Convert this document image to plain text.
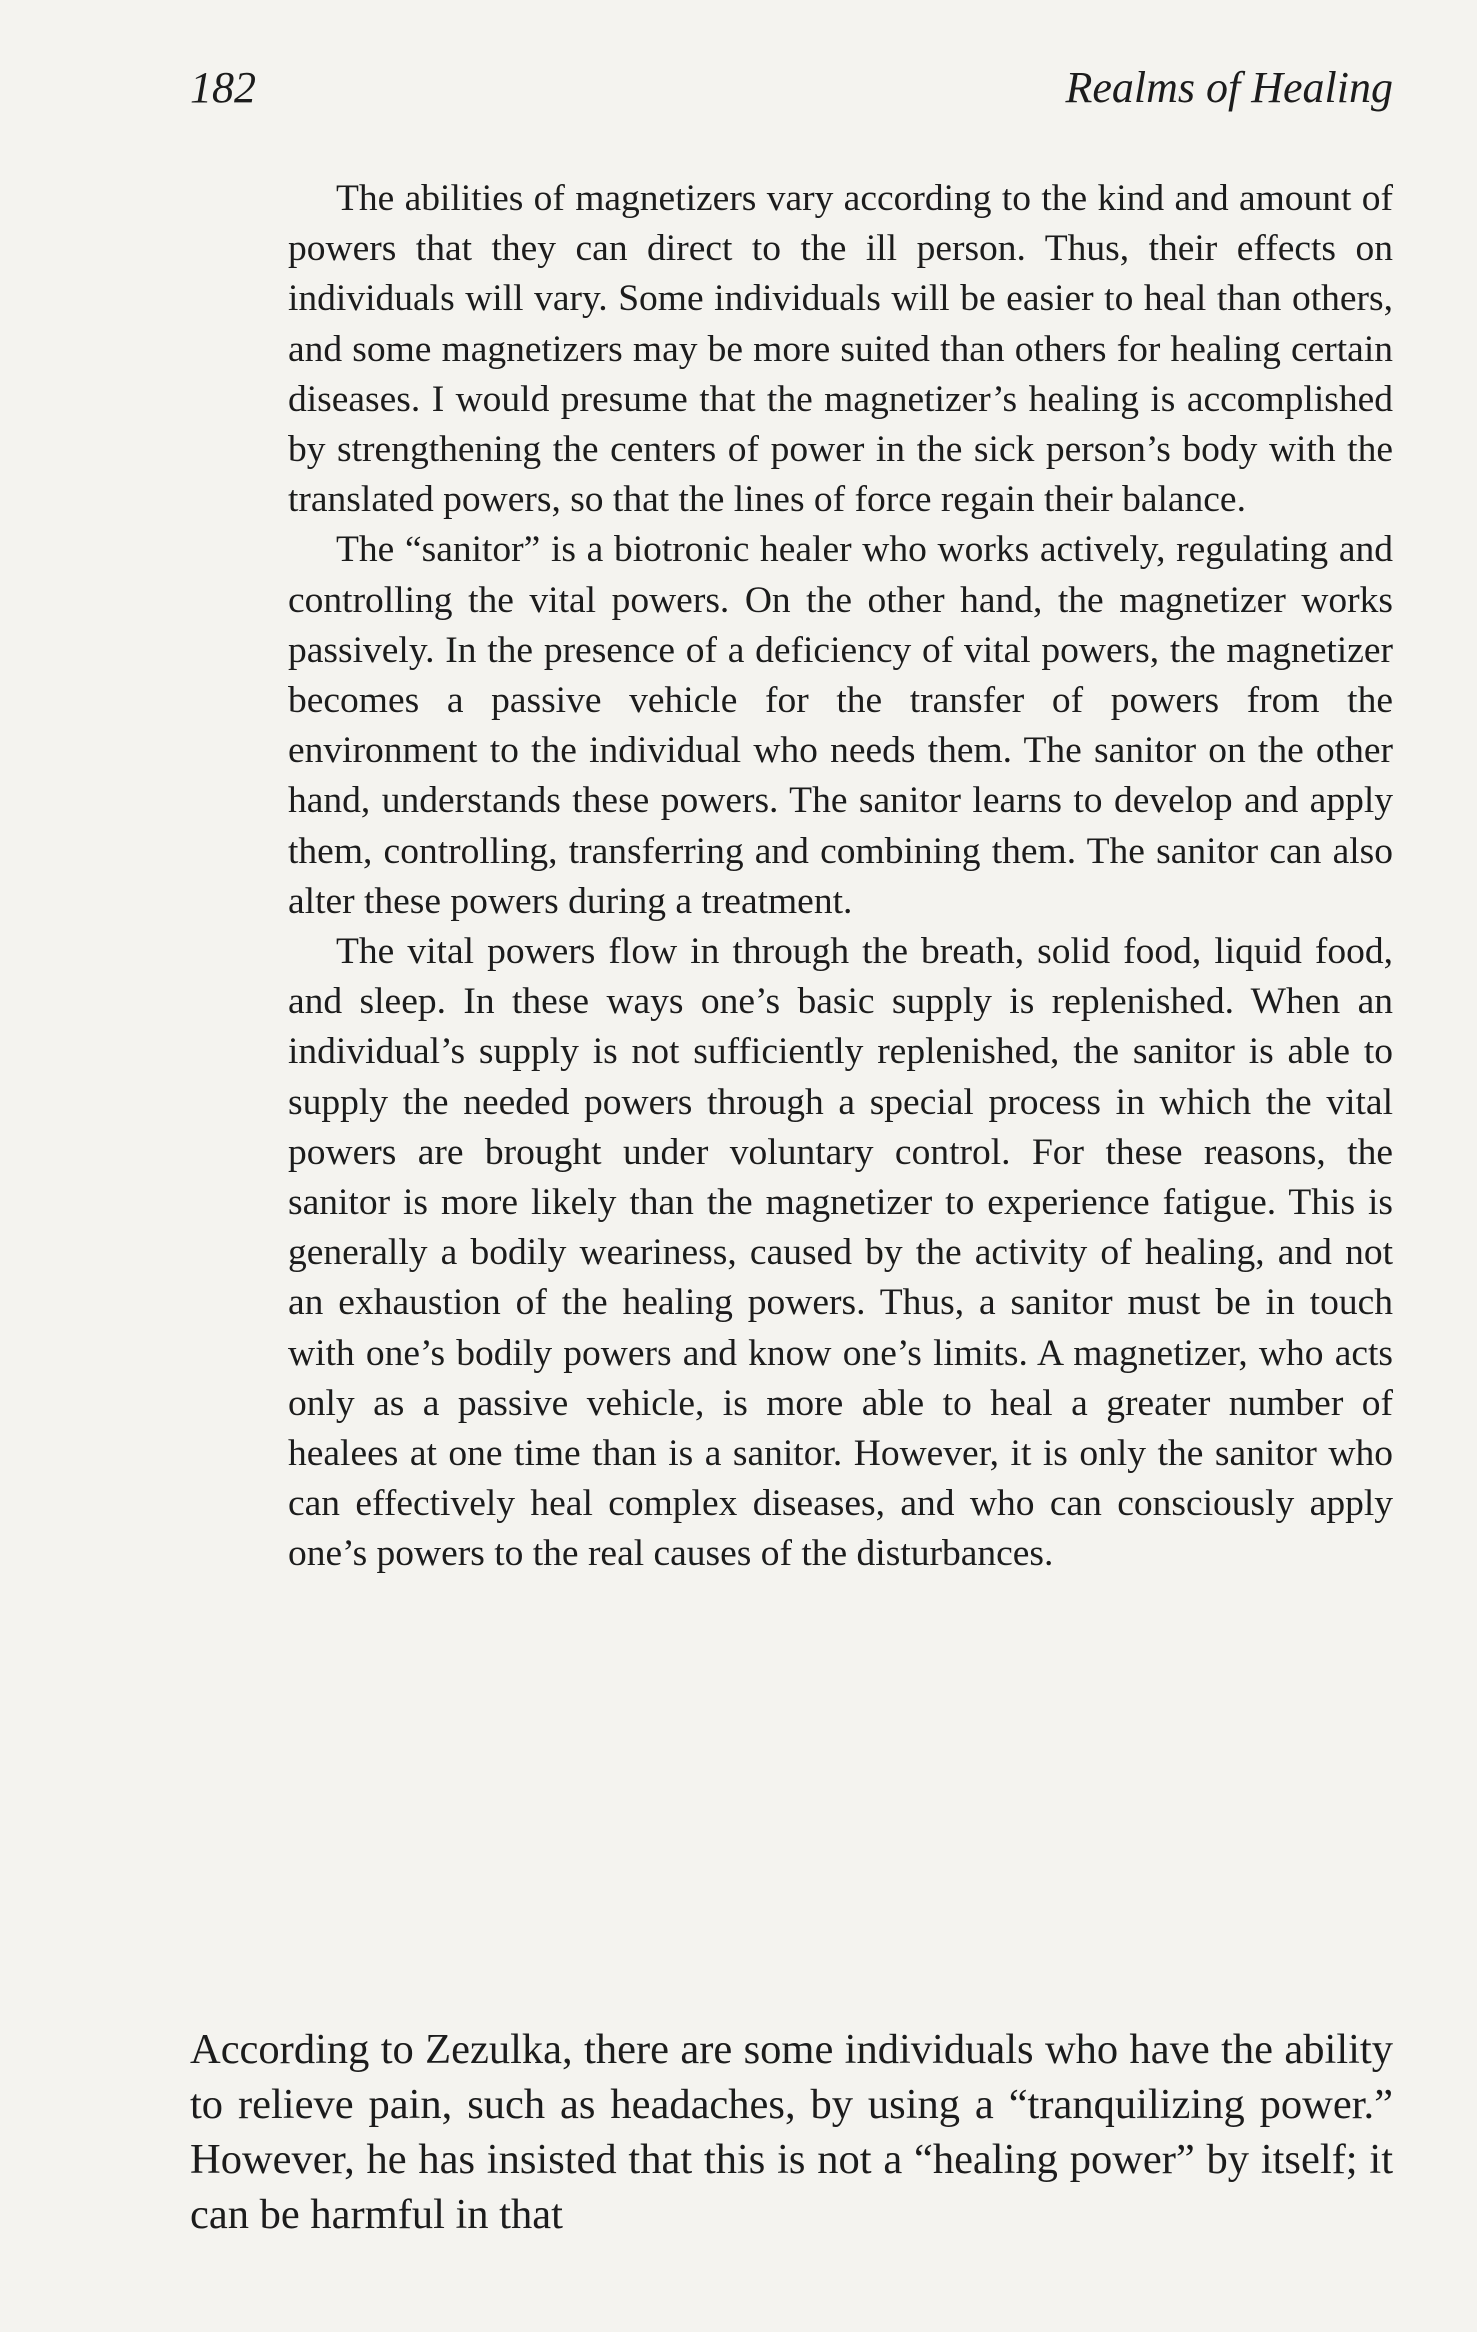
182	Realms of Healing

The abilities of magnetizers vary according to the kind and amount of powers that they can direct to the ill person. Thus, their effects on individuals will vary. Some individuals will be easier to heal than others, and some magnetizers may be more suited than others for healing certain diseases. I would presume that the magnetizer’s healing is accomplished by strengthening the centers of power in the sick person’s body with the translated powers, so that the lines of force regain their balance.

The “sanitor” is a biotronic healer who works actively, regulating and controlling the vital powers. On the other hand, the magnetizer works passively. In the presence of a deficiency of vital powers, the magnetizer becomes a passive vehicle for the transfer of powers from the environment to the individual who needs them. The sanitor on the other hand, understands these powers. The sanitor learns to develop and apply them, controlling, transferring and combining them. The sanitor can also alter these powers during a treatment.

The vital powers flow in through the breath, solid food, liquid food, and sleep. In these ways one’s basic supply is replenished. When an individual’s supply is not sufficiently replenished, the sanitor is able to supply the needed powers through a special process in which the vital powers are brought under voluntary control. For these reasons, the sanitor is more likely than the magnetizer to experience fatigue. This is generally a bodily weariness, caused by the activity of healing, and not an exhaustion of the healing powers. Thus, a sanitor must be in touch with one’s bodily powers and know one’s limits. A magnetizer, who acts only as a passive vehicle, is more able to heal a greater number of healees at one time than is a sanitor. However, it is only the sanitor who can effectively heal complex diseases, and who can consciously apply one’s powers to the real causes of the disturbances.

According to Zezulka, there are some individuals who have the ability to relieve pain, such as headaches, by using a “tranquilizing power.” However, he has insisted that this is not a “healing power” by itself; it can be harmful in that
